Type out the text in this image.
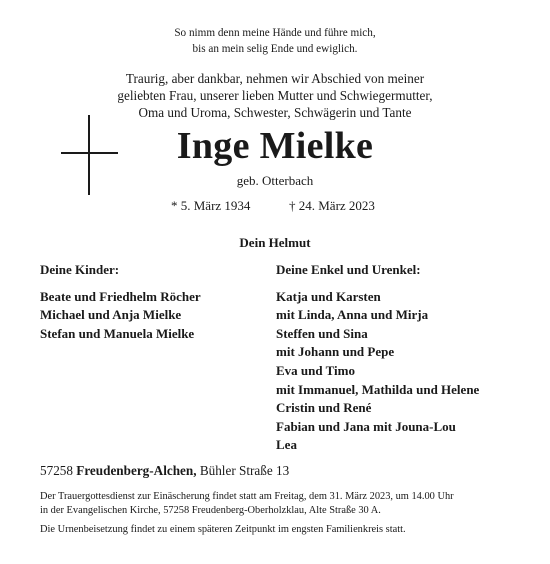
So nimm denn meine Hände und führe mich,
bis an mein selig Ende und ewiglich.
Traurig, aber dankbar, nehmen wir Abschied von meiner
geliebten Frau, unserer lieben Mutter und Schwiegermutter,
Oma und Uroma, Schwester, Schwägerin und Tante
Inge Mielke
geb. Otterbach
* 5. März 1934	† 24. März 2023
Dein Helmut
Deine Kinder:
Beate und Friedhelm Röcher
Michael und Anja Mielke
Stefan und Manuela Mielke
Deine Enkel und Urenkel:
Katja und Karsten
mit Linda, Anna und Mirja
Steffen und Sina
mit Johann und Pepe
Eva und Timo
mit Immanuel, Mathilda und Helene
Cristin und René
Fabian und Jana mit Jouna-Lou
Lea
57258 Freudenberg-Alchen, Bühler Straße 13
Der Trauergottesdienst zur Einäscherung findet statt am Freitag, dem 31. März 2023, um 14.00 Uhr
in der Evangelischen Kirche, 57258 Freudenberg-Oberholzklau, Alte Straße 30 A.
Die Urnenbeisetzung findet zu einem späteren Zeitpunkt im engsten Familienkreis statt.
